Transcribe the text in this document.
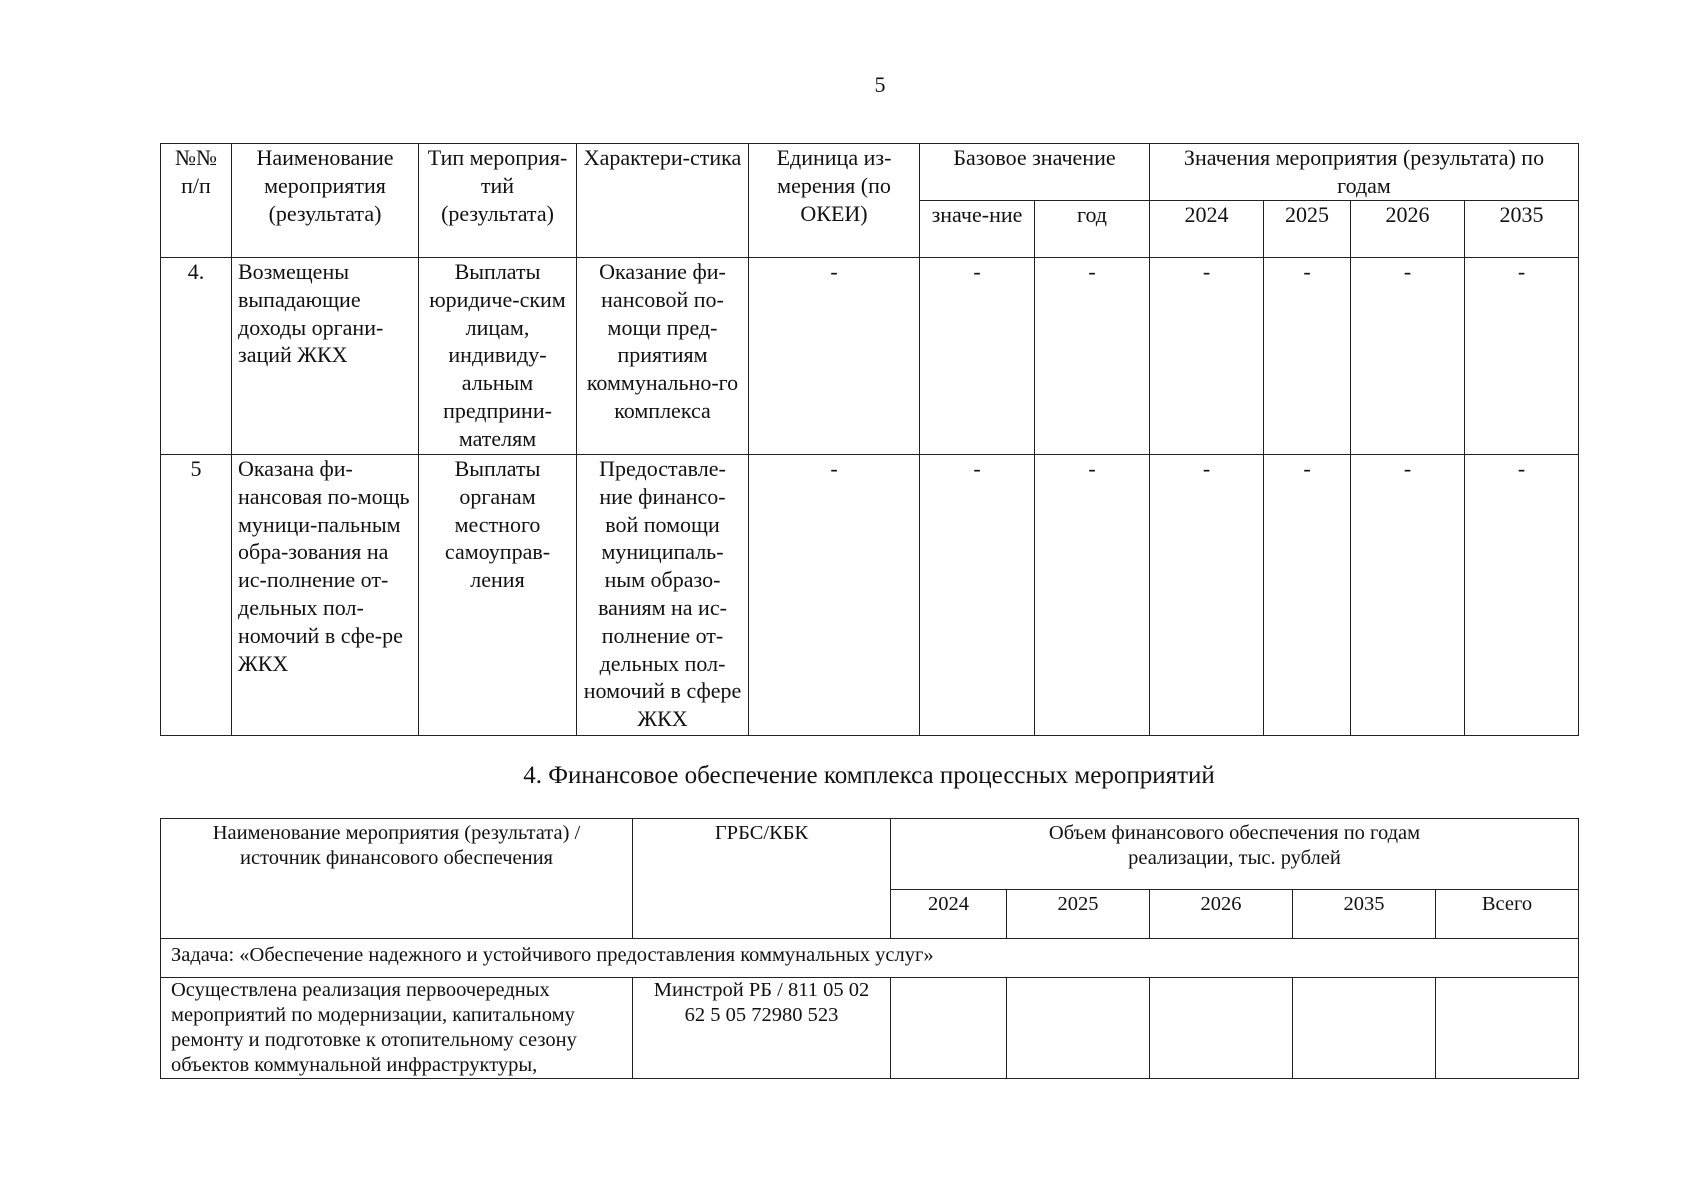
5
№№ п/п	Наименование мероприятия (результата)	Тип мероприя-тий (результата)	Характери-стика	Единица из-мерения (по ОКЕИ)	Базовое значение		Значения мероприятия (результата) по годам			
					значе-ние	год	2024	2025	2026	2035
4.	Возмещены выпадающие доходы органи-заций ЖКХ	Выплаты юридиче-ским лицам, индивиду-альным предприни-мателям	Оказание фи-нансовой по-мощи пред-приятиям коммунально-го комплекса	-	-	-	-	-	-	-
5	Оказана фи-нансовая по-мощь муници-пальным обра-зования на ис-полнение от-дельных пол-номочий в сфе-ре ЖКХ	Выплаты органам местного самоуправ-ления	Предоставле-ние финансо-вой помощи муниципаль-ным образо-ваниям на ис-полнение от-дельных пол-номочий в сфере ЖКХ	-	-	-	-	-	-	-
4. Финансовое обеспечение комплекса процессных мероприятий
Наименование мероприятия (результата) / источник финансового обеспечения	ГРБС/КБК	Объем финансового обеспечения по годам реализации, тыс. рублей				
		2024	2025	2026	2035	Всего
Задача: «Обеспечение надежного и устойчивого предоставления коммунальных услуг»						
Осуществлена реализация первоочередных мероприятий по модернизации, капитальному ремонту и подготовке к отопительному сезону объектов коммунальной инфраструктуры,	Минстрой РБ / 811 05 02 62 5 05 72980 523					
